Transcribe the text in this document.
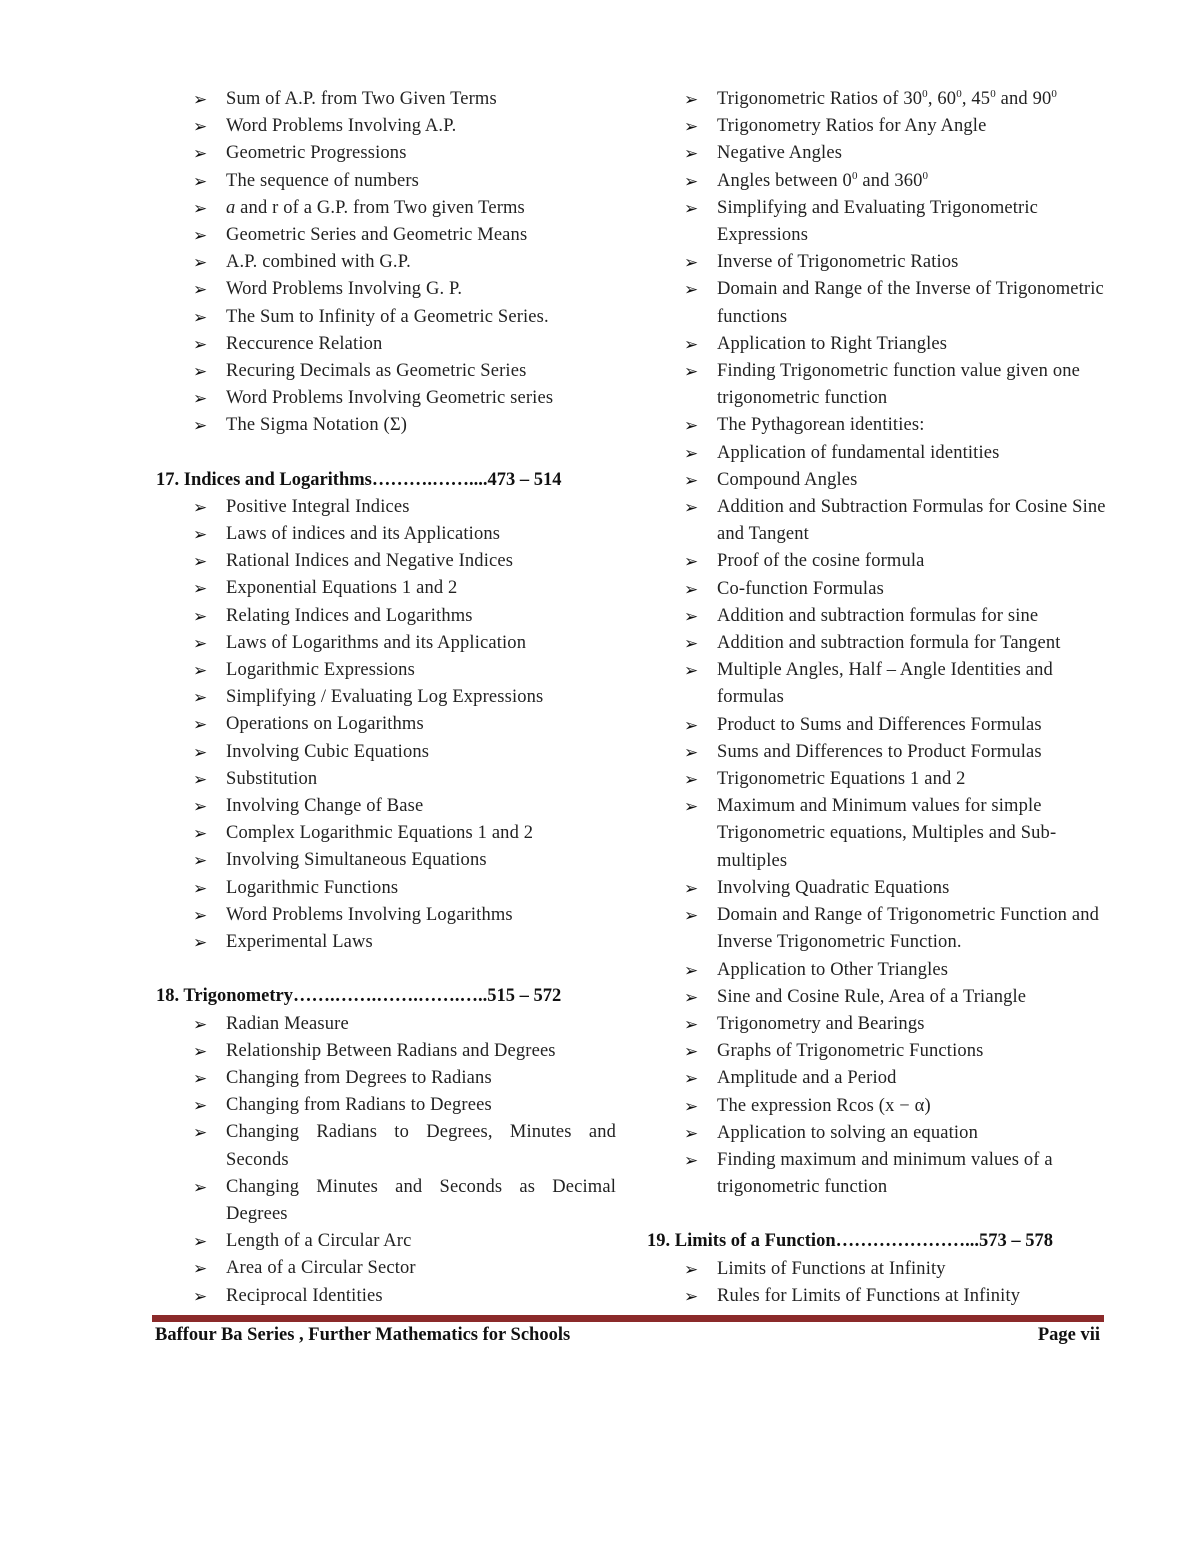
➢ Sum of A.P. from Two Given Terms
➢ Word Problems Involving A.P.
➢ Geometric Progressions
➢ The sequence of numbers
➢ a and r of a G.P. from Two given Terms
➢ Geometric Series and Geometric Means
➢ A.P. combined with G.P.
➢ Word Problems Involving G. P.
➢ The Sum to Infinity of a Geometric Series.
➢ Reccurence Relation
➢ Recuring Decimals as Geometric Series
➢ Word Problems Involving Geometric series
➢ The Sigma Notation (Σ)
17. Indices and Logarithms……….……....473 – 514
➢ Positive Integral Indices
➢ Laws of indices and its Applications
➢ Rational Indices and Negative Indices
➢ Exponential Equations 1 and 2
➢ Relating Indices and Logarithms
➢ Laws of Logarithms and its Application
➢ Logarithmic Expressions
➢ Simplifying / Evaluating Log Expressions
➢ Operations on Logarithms
➢ Involving Cubic Equations
➢ Substitution
➢ Involving Change of Base
➢ Complex Logarithmic Equations 1 and 2
➢ Involving Simultaneous Equations
➢ Logarithmic Functions
➢ Word Problems Involving Logarithms
➢ Experimental Laws
18. Trigonometry…….…….…….…….…..515 – 572
➢ Radian Measure
➢ Relationship Between Radians and Degrees
➢ Changing from Degrees to Radians
➢ Changing from Radians to Degrees
➢ Changing Radians to Degrees, Minutes and Seconds
➢ Changing Minutes and Seconds as Decimal Degrees
➢ Length of a Circular Arc
➢ Area of a Circular Sector
➢ Reciprocal Identities
➢ Trigonometric Ratios of $30^0$, $60^0$, $45^0$ and $90^0$
➢ Trigonometry Ratios for Any Angle
➢ Negative Angles
➢ Angles between $0^0$ and $360^0$
➢ Simplifying and Evaluating Trigonometric Expressions
➢ Inverse of Trigonometric Ratios
➢ Domain and Range of the Inverse of Trigonometric functions
➢ Application to Right Triangles
➢ Finding Trigonometric function value given one trigonometric function
➢ The Pythagorean identities:
➢ Application of fundamental identities
➢ Compound Angles
➢ Addition and Subtraction Formulas for Cosine Sine and Tangent
➢ Proof of the cosine formula
➢ Co-function Formulas
➢ Addition and subtraction formulas for sine
➢ Addition and subtraction formula for Tangent
➢ Multiple Angles, Half – Angle Identities and formulas
➢ Product to Sums and Differences Formulas
➢ Sums and Differences to Product Formulas
➢ Trigonometric Equations 1 and 2
➢ Maximum and Minimum values for simple Trigonometric equations, Multiples and Sub-multiples
➢ Involving Quadratic Equations
➢ Domain and Range of Trigonometric Function and Inverse Trigonometric Function.
➢ Application to Other Triangles
➢ Sine and Cosine Rule, Area of a Triangle
➢ Trigonometry and Bearings
➢ Graphs of Trigonometric Functions
➢ Amplitude and a Period
➢ The expression Rcos (x − α)
➢ Application to solving an equation
➢ Finding maximum and minimum values of a trigonometric function
19. Limits of a Function…………………...573 – 578
➢ Limits of Functions at Infinity
➢ Rules for Limits of Functions at Infinity
Baffour Ba Series , Further Mathematics for Schools	Page vii
